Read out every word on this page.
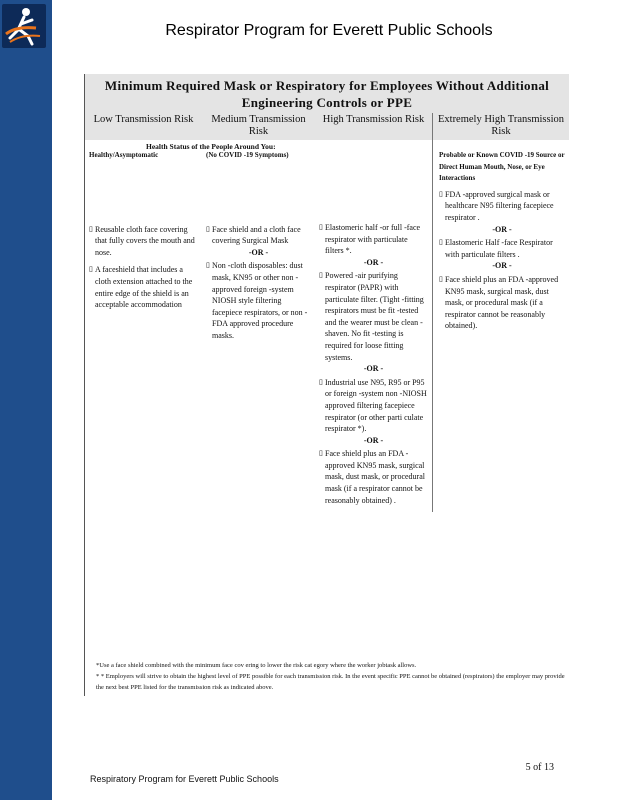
Respirator Program for Everett Public Schools
Minimum Required Mask or Respiratory for Employees Without Additional Engineering Controls or PPE
Low Transmission Risk	Medium Transmission Risk
High Transmission Risk	Extremely High Transmission Risk
Healthy/Asymptomatic
▯ Reusable cloth face covering that fully covers the mouth and nose.
▯ A faceshield that includes a cloth extension attached to the entire edge of the shield is an acceptable accommodation
(No COVID -19 Symptoms)
▯ Face shield and a cloth face covering Surgical Mask
-OR -
▯ Non -cloth disposables: dust mask, KN95 or other non -approved foreign -system NIOSH style filtering facepiece respirators, or non -FDA approved procedure masks.
▯ Elastomeric half -or full -face respirator with particulate filters *.
-OR -
▯ Powered -air purifying respirator (PAPR) with particulate filter. (Tight -fitting respirators must be fit -tested and the wearer must be clean -shaven. No fit -testing is required for loose fitting systems.
-OR -
▯ Industrial use N95, R95 or P95 or foreign -system non -NIOSH approved filtering facepiece respirator (or other parti culate respirator *).
-OR -
▯ Face shield plus an FDA -approved KN95 mask, surgical mask, dust mask, or procedural mask (if a respirator cannot be reasonably obtained) .
Probable or Known COVID -19 Source or Direct Human Mouth, Nose, or Eye Interactions
▯ FDA -approved surgical mask or healthcare N95 filtering facepiece respirator .
-OR -
▯ Elastomeric Half -face Respirator with particulate filters .
-OR -
▯ Face shield plus an FDA -approved KN95 mask, surgical mask, dust mask, or procedural mask (if a respirator cannot be reasonably obtained).
Health Status of the People Around You:
*Use a face shield combined with the minimum face cov ering to lower the risk cat egory where the worker jobtask allows.
* * Employers will strive to obtain the highest level of PPE possible for each transmission risk. In the event specific PPE cannot be obtained (respirators) the employer may provide the next best PPE listed for the transmission risk as indicated above.
5 of 13
Respiratory Program for Everett Public Schools
